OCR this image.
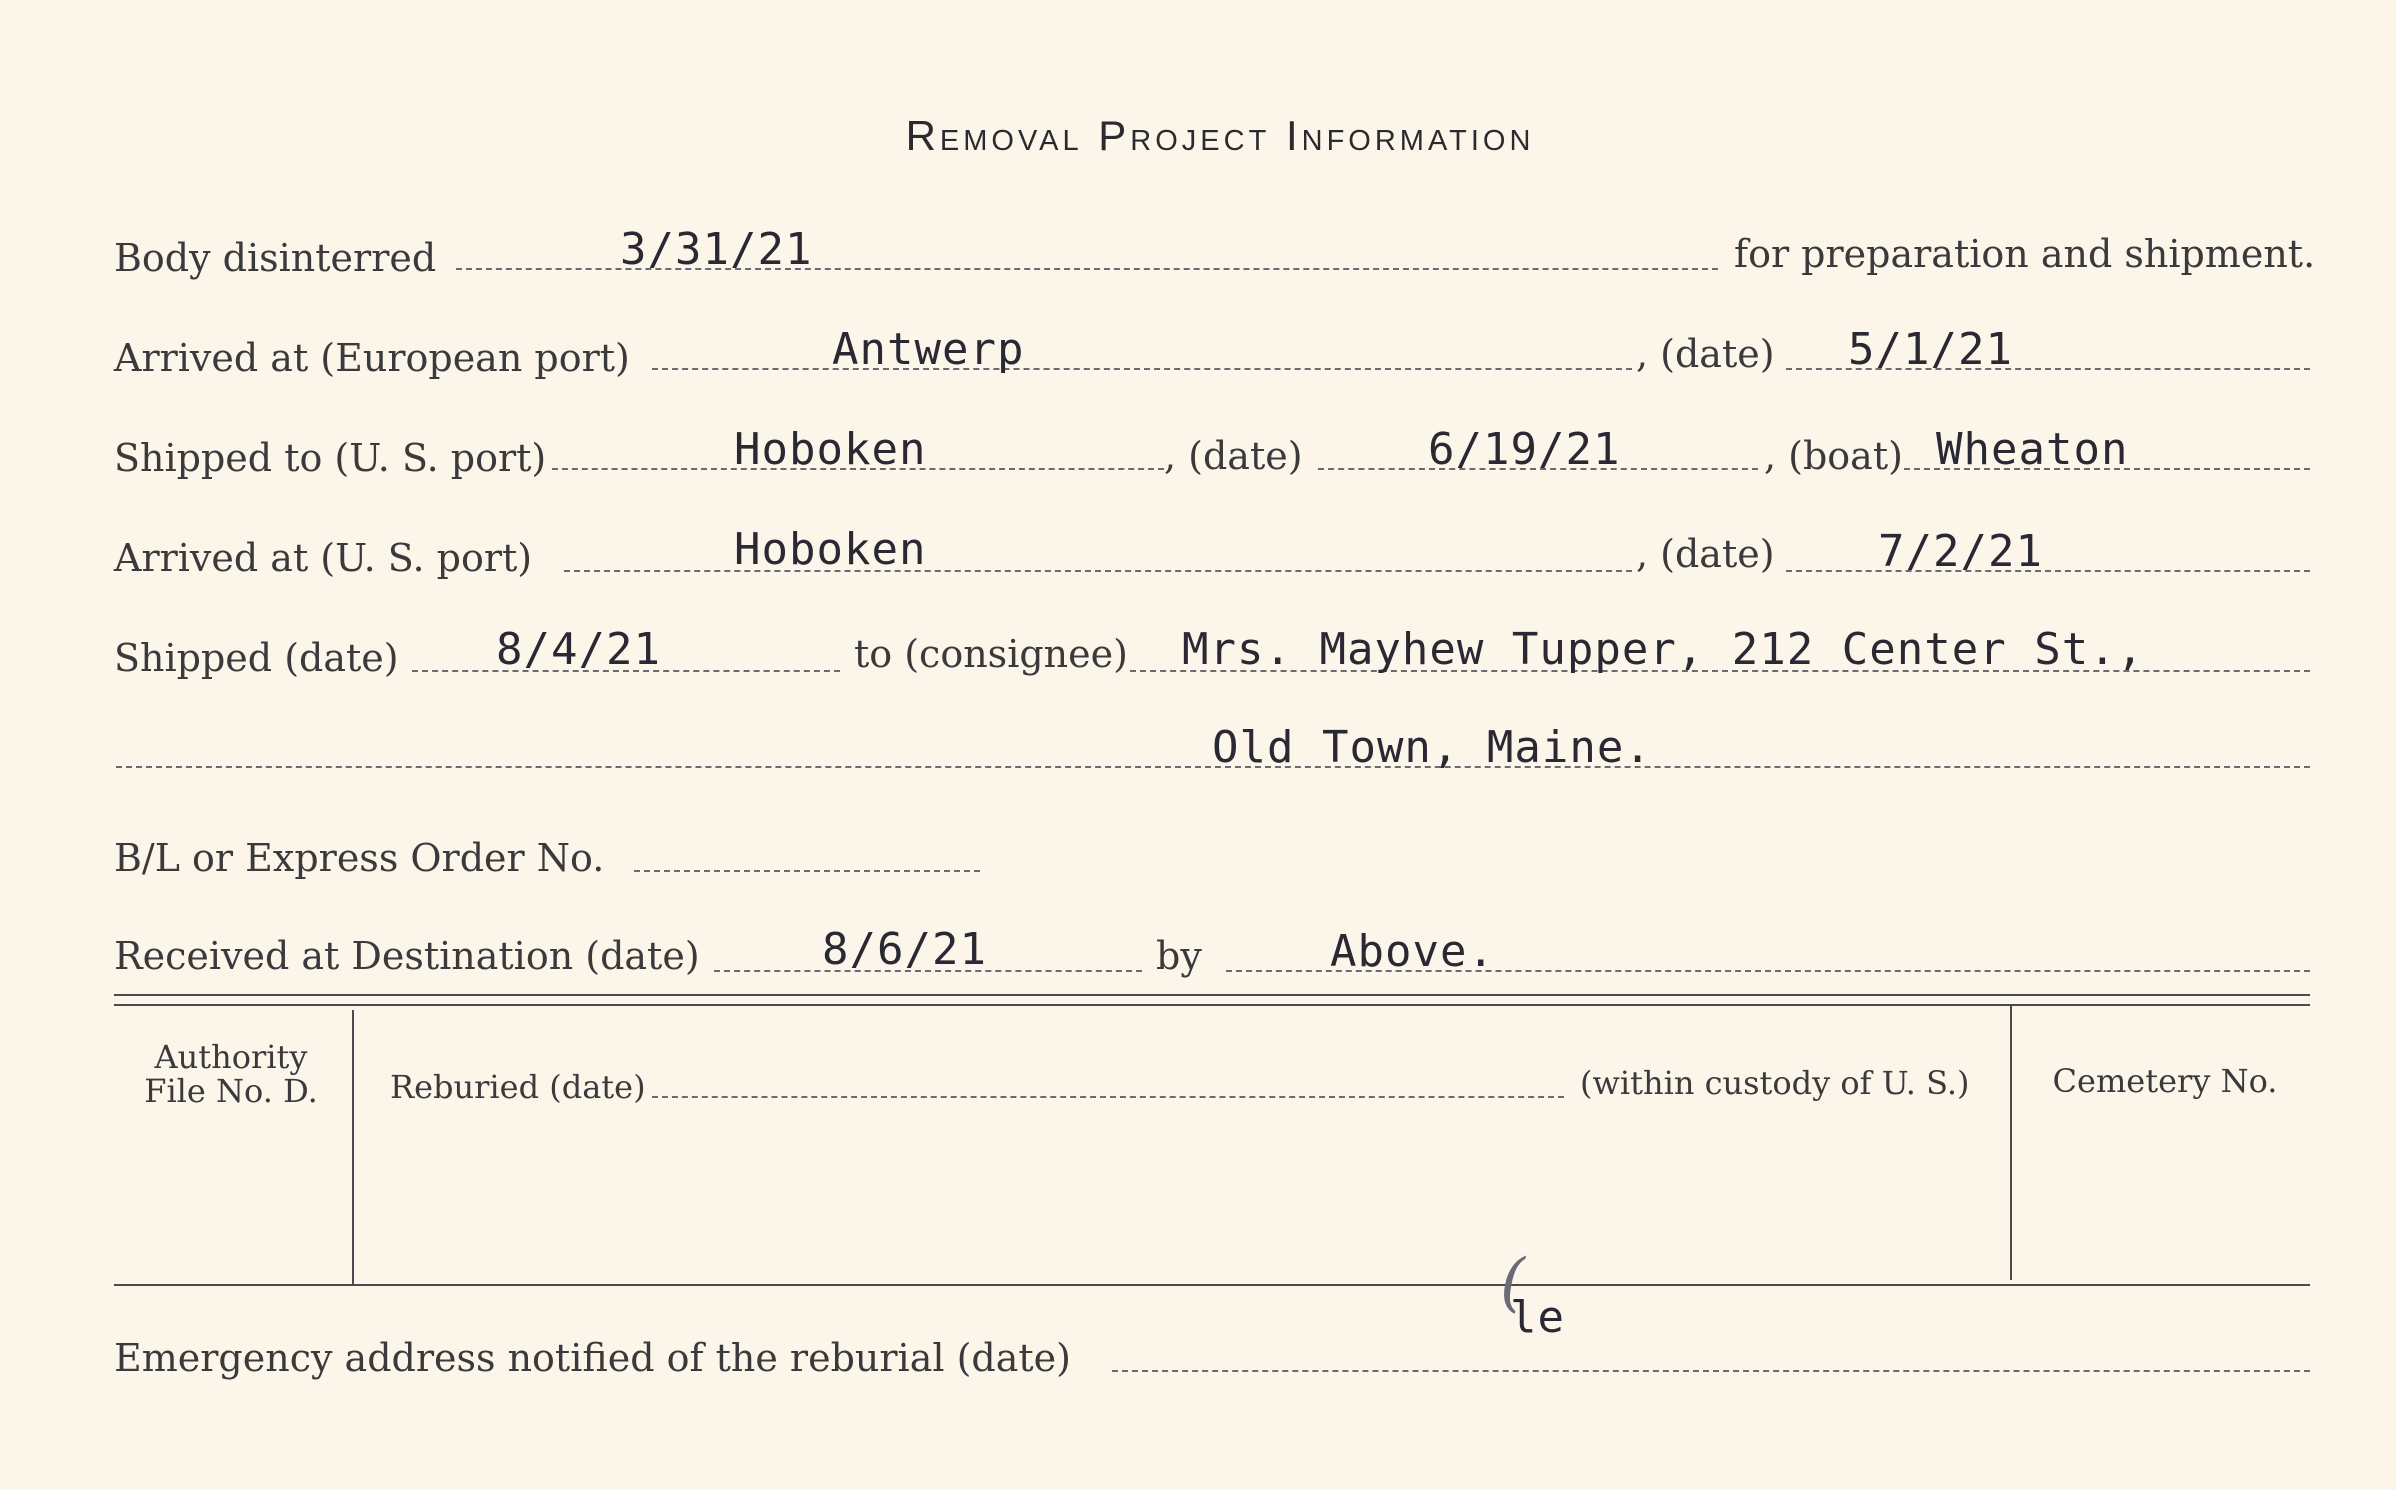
Removal Project Information
Body disinterred	3/31/21	for preparation and shipment.
Arrived at (European port)	Antwerp	, (date) 5/1/21
Shipped to (U. S. port)	Hoboken	, (date)	6/19/21	, (boat) Wheaton
Arrived at (U. S. port)	Hoboken	, (date) 7/2/21
Shipped (date) 8/4/21	to (consignee) Mrs. Mayhew Tupper, 212 Center St.,
Old Town, Maine.
B/L or Express Order No.
Received at Destination (date)	8/6/21	by	Above.
Authority
File No. D.	Reburied (date)	(within custody of U. S.)	Cemetery No.
Emergency address notified of the reburial (date)
le
(
